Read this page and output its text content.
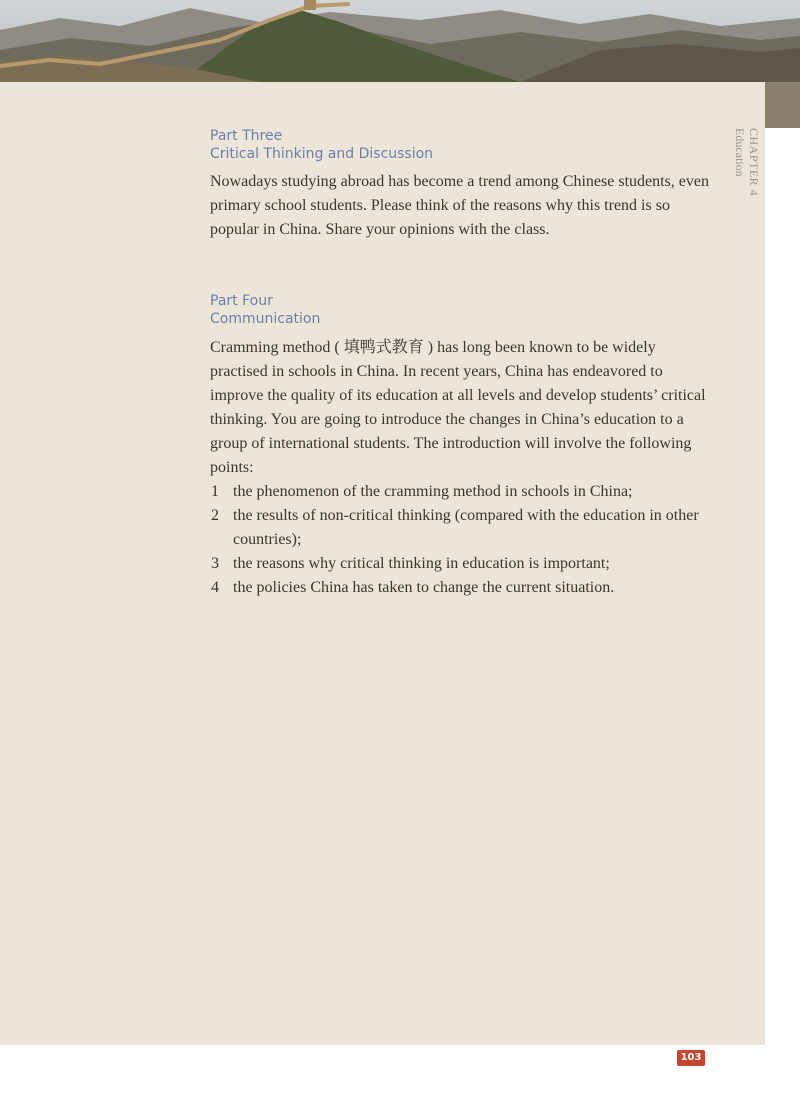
CHAPTER 4
Education
Part Three
Critical Thinking and Discussion
Nowadays studying abroad has become a trend among Chinese students, even primary school students. Please think of the reasons why this trend is so popular in China. Share your opinions with the class.
Part Four
Communication
Cramming method ( 填鸭式教育 ) has long been known to be widely practised in schools in China. In recent years, China has endeavored to improve the quality of its education at all levels and develop students’ critical thinking. You are going to introduce the changes in China’s education to a group of international students. The introduction will involve the following points:
1 the phenomenon of the cramming method in schools in China;
2 the results of non-critical thinking (compared with the education in other countries);
3 the reasons why critical thinking in education is important;
4 the policies China has taken to change the current situation.
103
